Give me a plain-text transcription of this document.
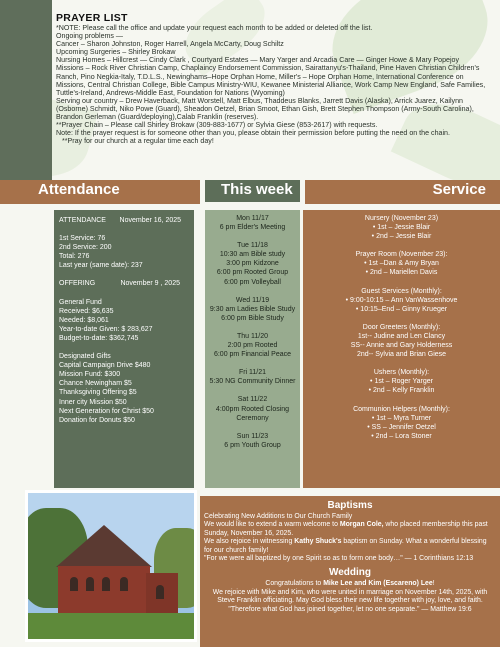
PRAYER LIST

*NOTE: Please call the office and update your request each month to be added or deleted off the list.

Ongoing problems —

Cancer – Sharon Johnston, Roger Harrell, Angela McCarty, Doug Schiltz

Upcoming Surgeries – Shirley Brokaw

Nursing Homes – Hillcrest — Cindy Clark , Courtyard Estates — Mary Yarger and Arcadia Care — Ginger Howe & Mary Popejoy

Missions – Rock River Christian Camp, Chaplaincy Endorsement Commission, Sairattanyu's-Thailand, Pine Haven Christian Children's Ranch, Pino Negkia-Italy, T.D.L.S., Newinghams–Hope Orphan Home, Miller's – Hope Orphan Home, International Conference on Missions, Central Christian College, Bible Campus Ministry-WIU, Kewanee Ministerial Alliance, Work Camp New England, Safe Families, Tuttle's-Ireland, Andrews-Middle East, Foundation for Nations (Wyoming)

Serving our country – Drew Haverback, Matt Worstell, Matt Elbus, Thaddeus Blanks, Jarrett Davis (Alaska), Arrick Juarez, Kailynn (Osborne) Schmidt, Niko Powe (Guard), Sheadon Oetzel, Brian Smoot, Ethan Gish, Brett Stephen Thompson (Army-South Carolina), Brandon Gerleman (Guard/deploying),Calab Franklin (reserves).

**Prayer Chain – Please call Shirley Brokaw (309-883-1677) or Sylvia Giese (853-2617) with requests.

Note: If the prayer request is for someone other than you, please obtain their permission before putting the need on the chain.

**Pray for our church at a regular time each day!

Attendance	This week	Service
ATTENDANCE       November 16, 2025
1st Service: 76
2nd Service: 200
Total: 276
Last year (same date): 237
OFFERING             November 9 , 2025
General Fund
Received: $6,635
Needed: $8,061
Year-to-date Given: $ 283,627
Budget-to-date: $362,745
Designated Gifts
Capital Campaign Drive $480
Mission Fund: $300
Chance Newingham $5
Thanksgiving Offering $5
Inner city Mission $50
Next Generation for Christ $50
Donation for Donuts $50
Mon 11/17
6 pm Elder's Meeting
Tue 11/18
10:30 am Bible study
3:00 pm Kidzone
6:00 pm Rooted Group
6:00 pm Volleyball
Wed 11/19
9:30 am Ladies Bible Study
6:00 pm Bible Study
Thu 11/20
2:00 pm Rooted
6:00 pm Financial Peace
Fri 11/21
5:30 NG Community Dinner
Sat 11/22
4:00pm Rooted Closing
Ceremony
Sun 11/23
6 pm Youth Group
Nursery (November 23)
• 1st – Jessie Blair
• 2nd – Jessie Blair
Prayer Room (November 23):
• 1st –Dan & Amy Bryan
• 2nd – Mariellen Davis
Guest Services (Monthly):
• 9:00-10:15 – Ann VanWassenhove
• 10:15–End – Ginny Krueger
Door Greeters (Monthly):
1st-- Judine and Len Clancy
SS-- Annie and Gary Holderness
2nd-- Sylvia and Brian Giese
Ushers (Monthly):
• 1st – Roger Yarger
• 2nd – Kelly Franklin
Communion Helpers (Monthly):
• 1st – Myra Turner
• SS – Jennifer Oetzel
• 2nd – Lora Stoner
Baptisms
Celebrating New Additions to Our Church Family
We would like to extend a warm welcome to Morgan Cole, who placed membership this past Sunday, November 16, 2025.
We also rejoice in witnessing Kathy Shuck's baptism on Sunday. What a wonderful blessing for our church family!
"For we were all baptized by one Spirit so as to form one body…" — 1 Corinthians 12:13
Wedding
Congratulations to Mike Lee and Kim (Escareno) Lee!
We rejoice with Mike and Kim, who were united in marriage on November 14th, 2025, with Steve Franklin officiating. May God bless their new life together with joy, love, and faith.
"Therefore what God has joined together, let no one separate." — Matthew 19:6
